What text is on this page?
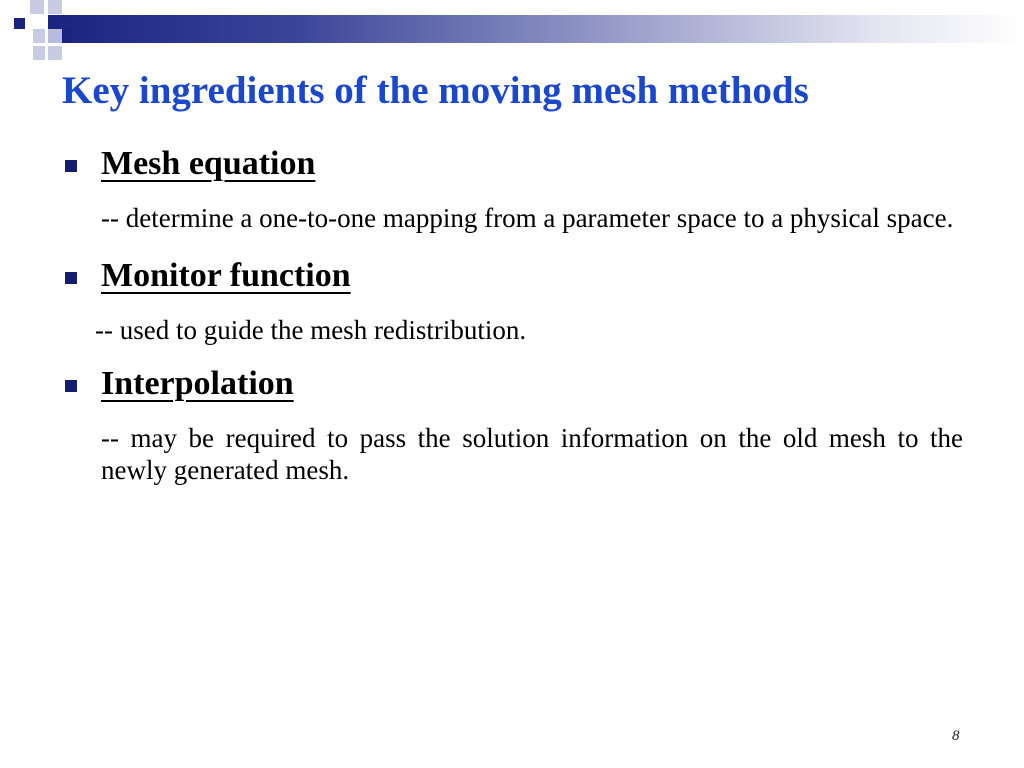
Key ingredients of the moving mesh methods
Mesh equation

-- determine a one-to-one mapping from a parameter space to a physical space.

Monitor function

-- used to guide the mesh redistribution.

Interpolation

-- may be required to pass the solution information on the old mesh to the newly generated mesh.

8
